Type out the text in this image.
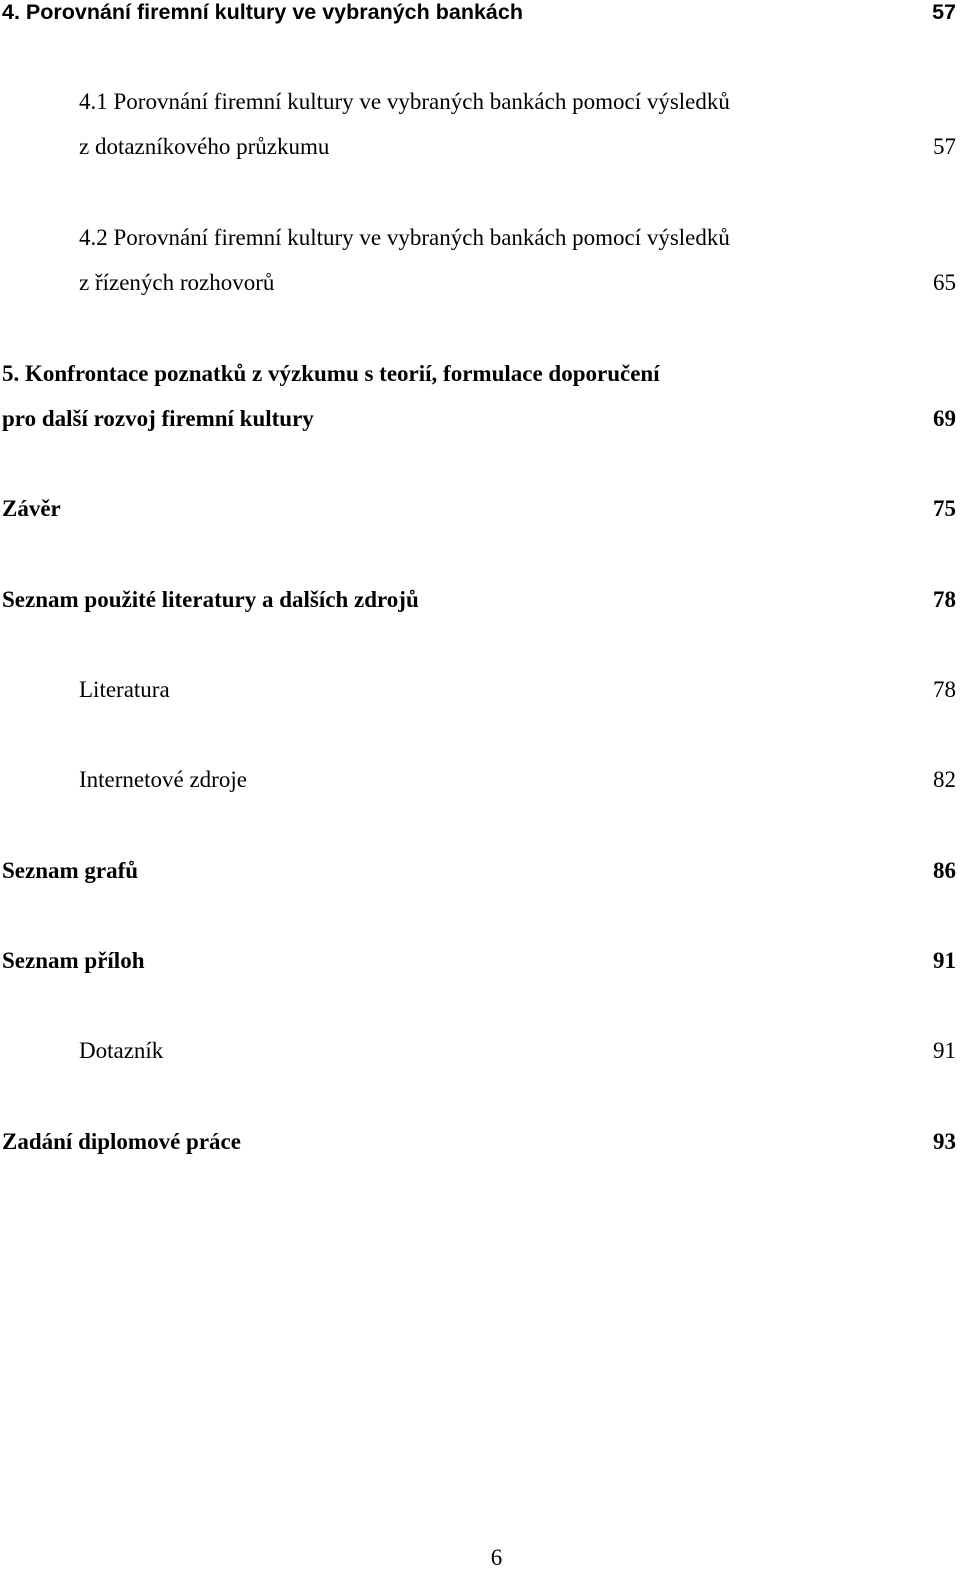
4. Porovnání firemní kultury ve vybraných bankách	57
4.1 Porovnání firemní kultury ve vybraných bankách pomocí výsledků
z dotazníkového průzkumu	57
4.2 Porovnání firemní kultury ve vybraných bankách pomocí výsledků
z řízených rozhovorů	65
5. Konfrontace poznatků z výzkumu s teorií, formulace doporučení
pro další rozvoj firemní kultury	69
Závěr	75
Seznam použité literatury a dalších zdrojů	78
Literatura	78
Internetové zdroje	82
Seznam grafů	86
Seznam příloh	91
Dotazník	91
Zadání diplomové práce	93
6
